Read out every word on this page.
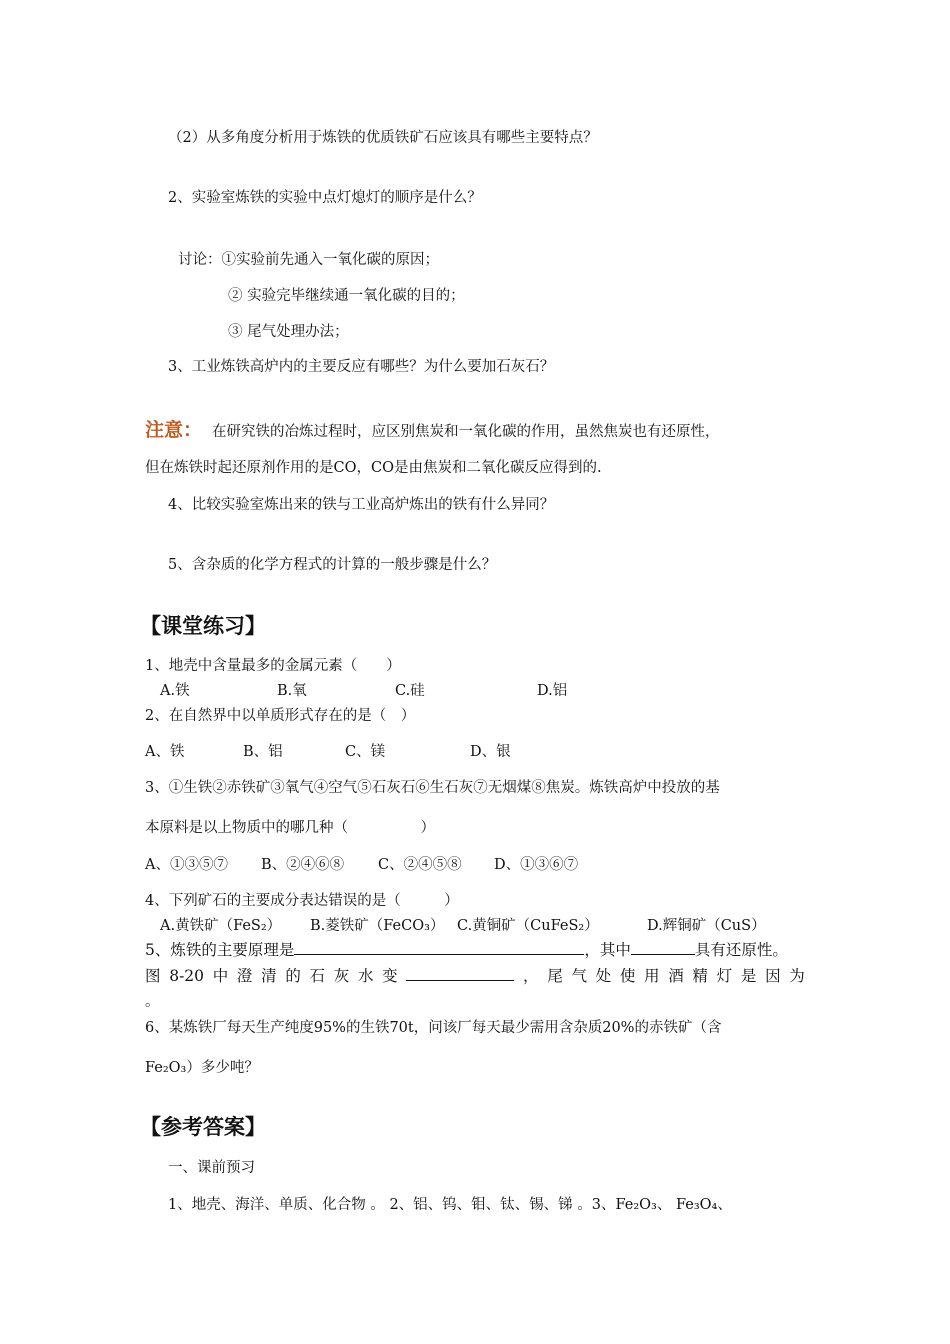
（2）从多角度分析用于炼铁的优质铁矿石应该具有哪些主要特点？
2、实验室炼铁的实验中点灯熄灯的顺序是什么？
讨论：①实验前先通入一氧化碳的原因；
② 实验完毕继续通一氧化碳的目的；
③ 尾气处理办法；
3、工业炼铁高炉内的主要反应有哪些？为什么要加石灰石？
注意： 在研究铁的冶炼过程时，应区别焦炭和一氧化碳的作用，虽然焦炭也有还原性，
但在炼铁时起还原剂作用的是CO，CO是由焦炭和二氧化碳反应得到的.
4、比较实验室炼出来的铁与工业高炉炼出的铁有什么异同？
5、含杂质的化学方程式的计算的一般步骤是什么？
【课堂练习】
1、地壳中含量最多的金属元素（　　）
A.铁	B.氧	C.硅	D.铝
2、在自然界中以单质形式存在的是（　）
A、铁	B、铝	C、镁	D、银
3、①生铁②赤铁矿③氧气④空气⑤石灰石⑥生石灰⑦无烟煤⑧焦炭。炼铁高炉中投放的基
本原料是以上物质中的哪几种（　　　　　）
A、①③⑤⑦ B、②④⑥⑧ C、②④⑤⑧ D、①③⑥⑦
4、下列矿石的主要成分表达错误的是（　　　）
A.黄铁矿（FeS₂） B.菱铁矿（FeCO₃） C.黄铜矿（CuFeS₂）	D.辉铜矿（CuS）
5、炼铁的主要原理是	，其中	具有还原性。
图 8-20 中 澄 清 的 石 灰 水 变	， 尾 气 处 使 用 酒 精 灯 是 因 为
。
6、某炼铁厂每天生产纯度95%的生铁70t，问该厂每天最少需用含杂质20%的赤铁矿（含
Fe₂O₃）多少吨？
【参考答案】
一、课前预习
1、地壳、海洋、单质、化合物 。 2、铝、钨、钼、钛、锡、锑 。3、Fe₂O₃、 Fe₃O₄、
